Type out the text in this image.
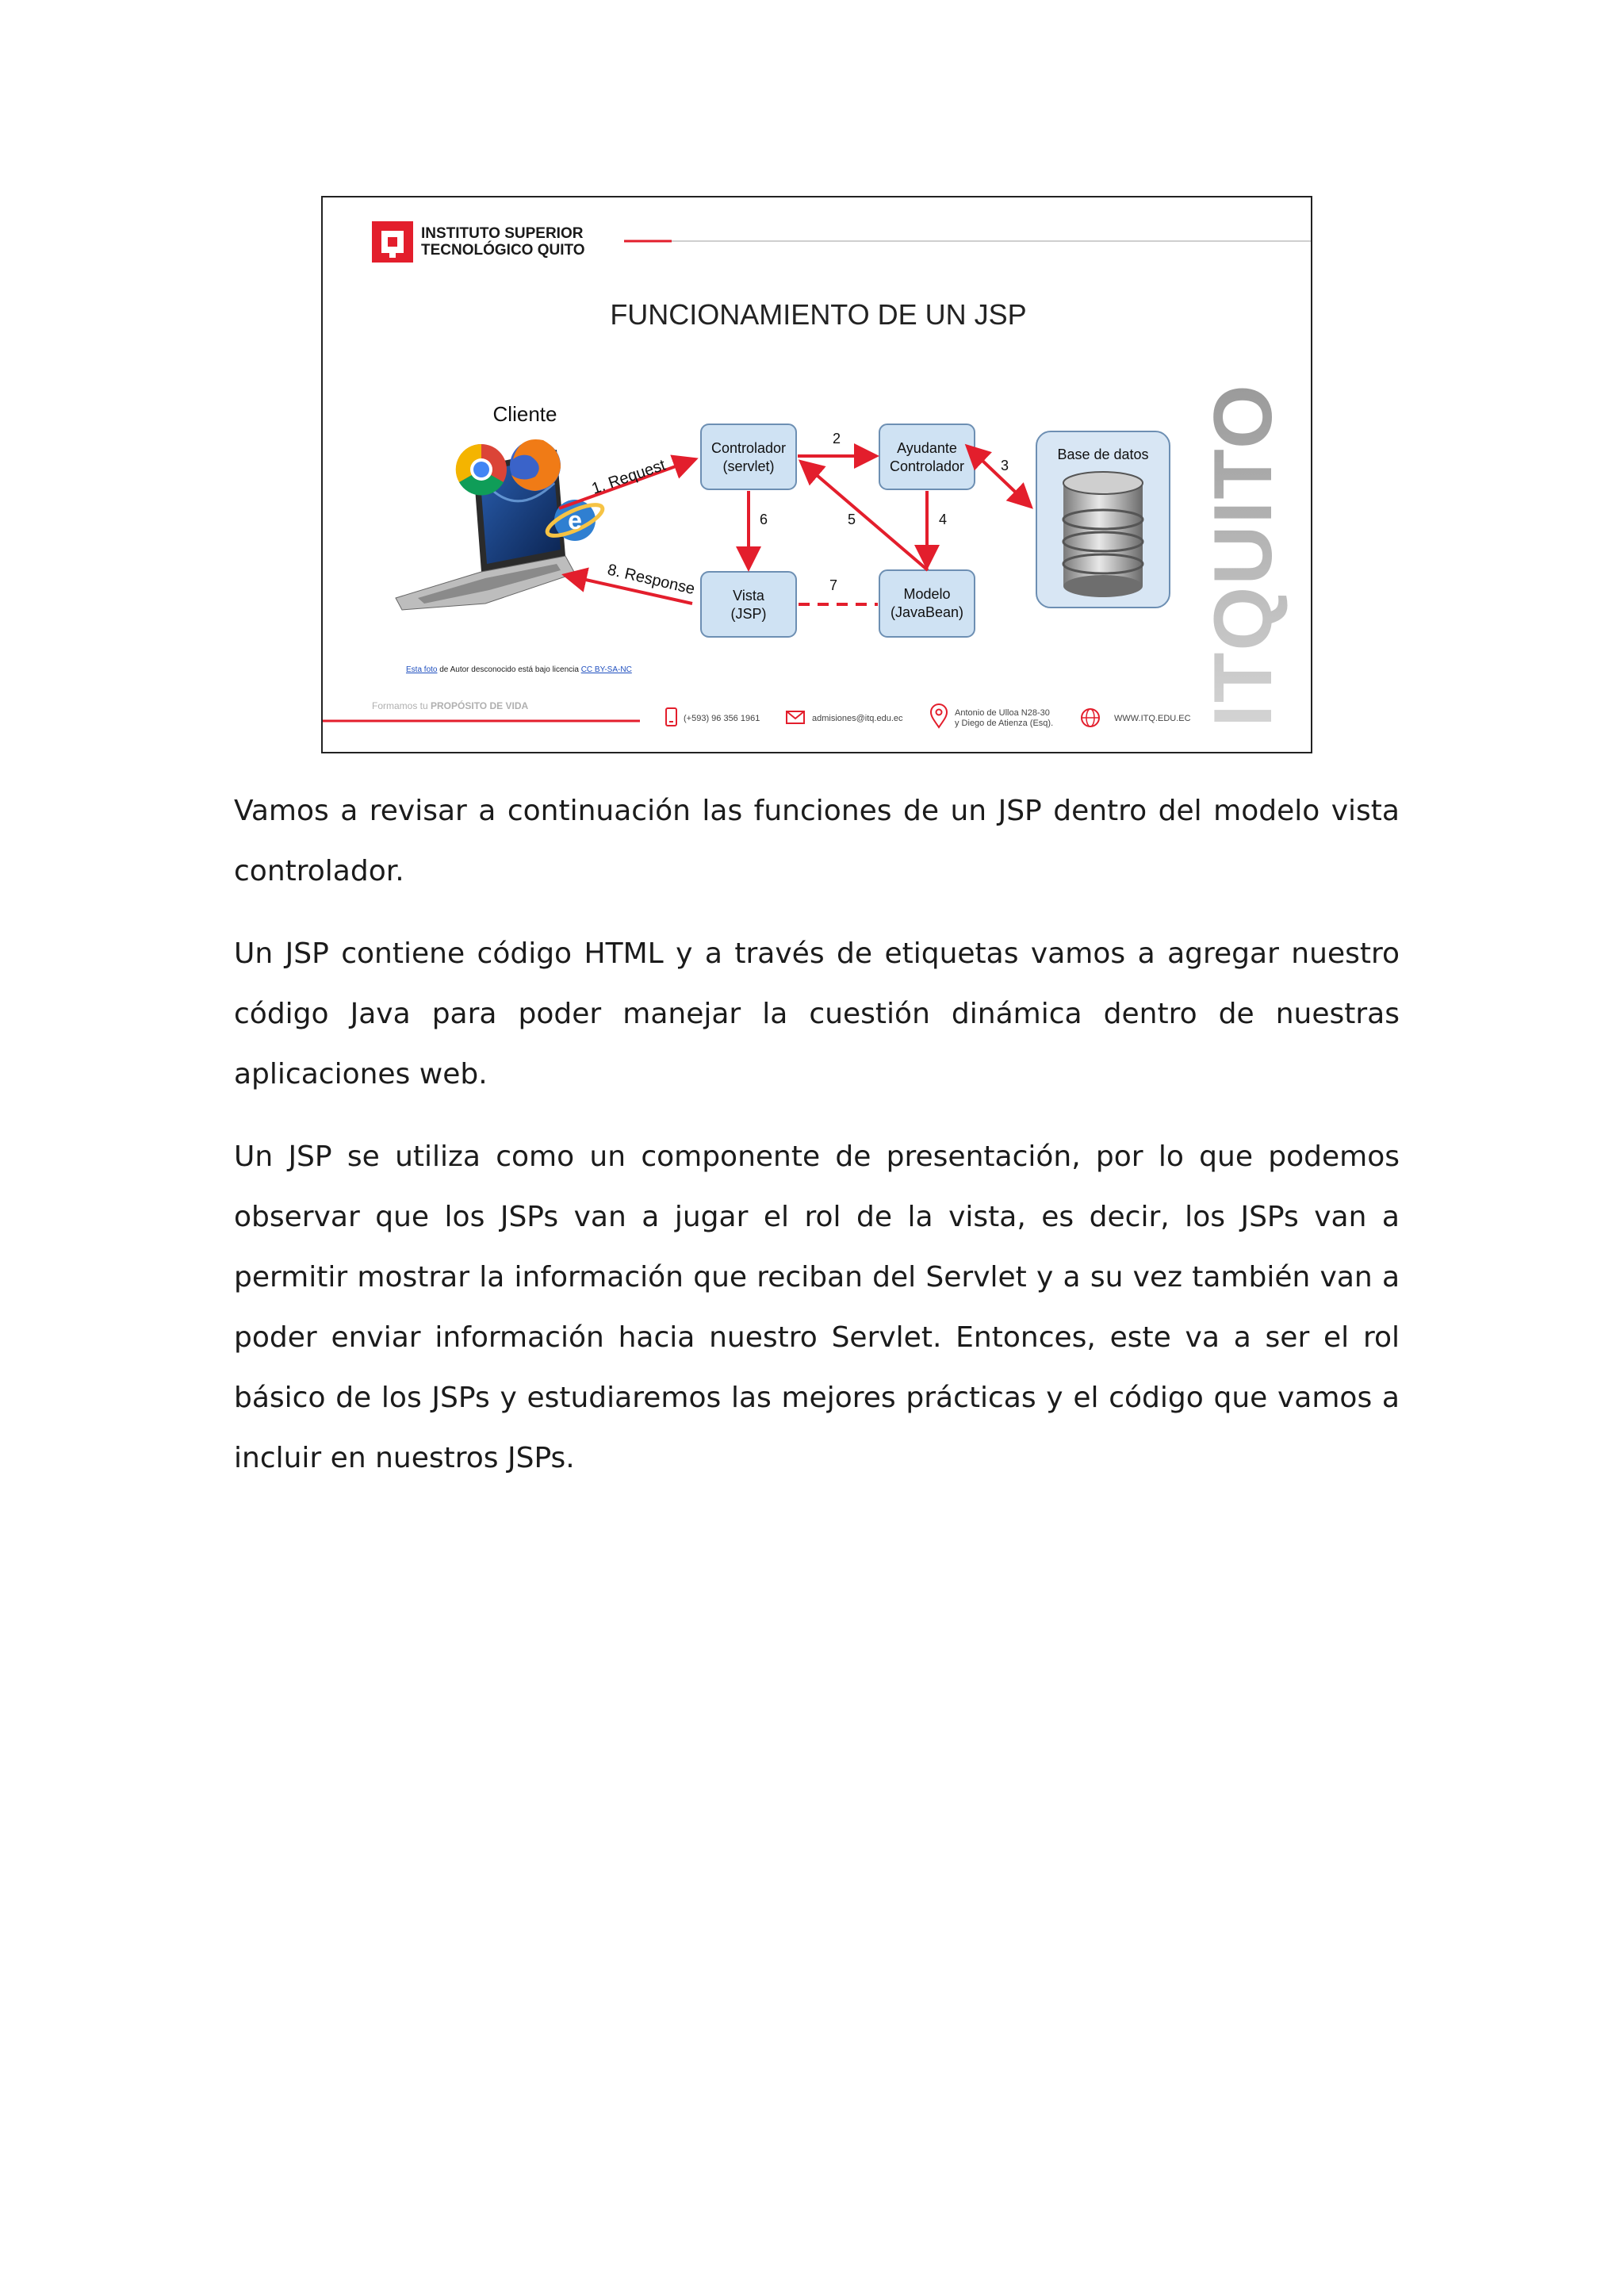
INSTITUTO SUPERIOR
TECNOLÓGICO QUITO
FUNCIONAMIENTO DE UN JSP
Cliente
e
1. Request
8. Response
Controlador
(servlet)
Ayudante
Controlador
Vista
(JSP)
Modelo
(JavaBean)
Base de datos
2
3
4
5
6
7
Esta foto de Autor desconocido está bajo licencia CC BY-SA-NC	ITQUITO
Formamos tu PROPÓSITO DE VIDA
(+593) 96 356 1961	admisiones@itq.edu.ec
Antonio de Ulloa N28-30
y Diego de Atienza (Esq).	WWW.ITQ.EDU.EC

Vamos a revisar a continuación las funciones de un JSP dentro del modelo vista controlador.

Un JSP contiene código HTML y a través de etiquetas vamos a agregar nuestro código Java para poder manejar la cuestión dinámica dentro de nuestras aplicaciones web.

Un JSP se utiliza como un componente de presentación, por lo que podemos observar que los JSPs van a jugar el rol de la vista, es decir, los JSPs van a permitir mostrar la información que reciban del Servlet y a su vez también van a poder enviar información hacia nuestro Servlet. Entonces, este va a ser el rol básico de los JSPs y estudiaremos las mejores prácticas y el código que vamos a incluir en nuestros JSPs.
